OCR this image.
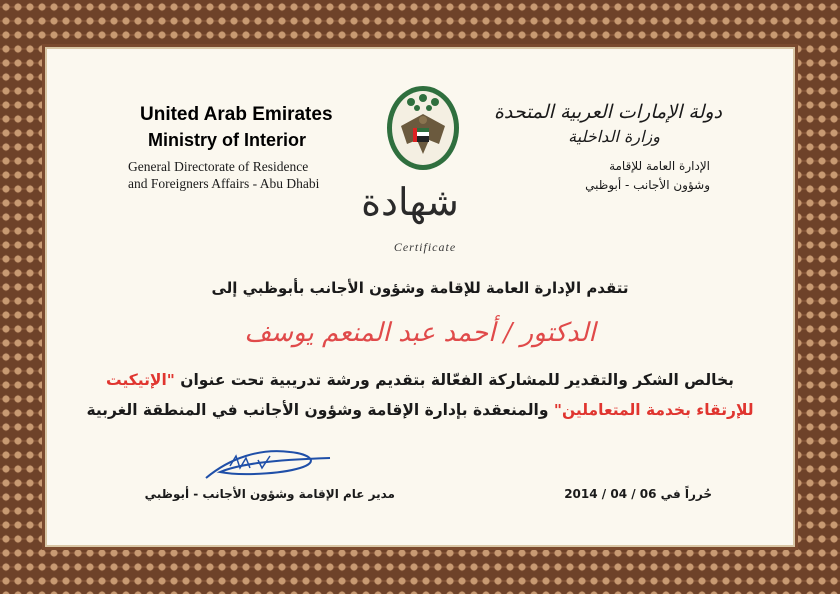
United Arab Emirates
Ministry of Interior
General Directorate of Residence
and Foreigners Affairs - Abu Dhabi
دولة الإمارات العربية المتحدة
وزارة الداخلية
الإدارة العامة للإقامة
وشؤون الأجانب - أبوظبي
شهادة
Certificate
تتقدم الإدارة العامة للإقامة وشؤون الأجانب بأبوظبي إلى
الدكتور / أحمد عبد المنعم يوسف
بخالص الشكر والتقدير للمشاركة الفعّالة بتقديم ورشة تدريبية تحت عنوان "الإتيكيت
للإرتقاء بخدمة المتعاملين" والمنعقدة بإدارة الإقامة وشؤون الأجانب في المنطقة الغربية
مدير عام الإقامة وشؤون الأجانب - أبوظبي	حُرراً في 06 / 04 / 2014
